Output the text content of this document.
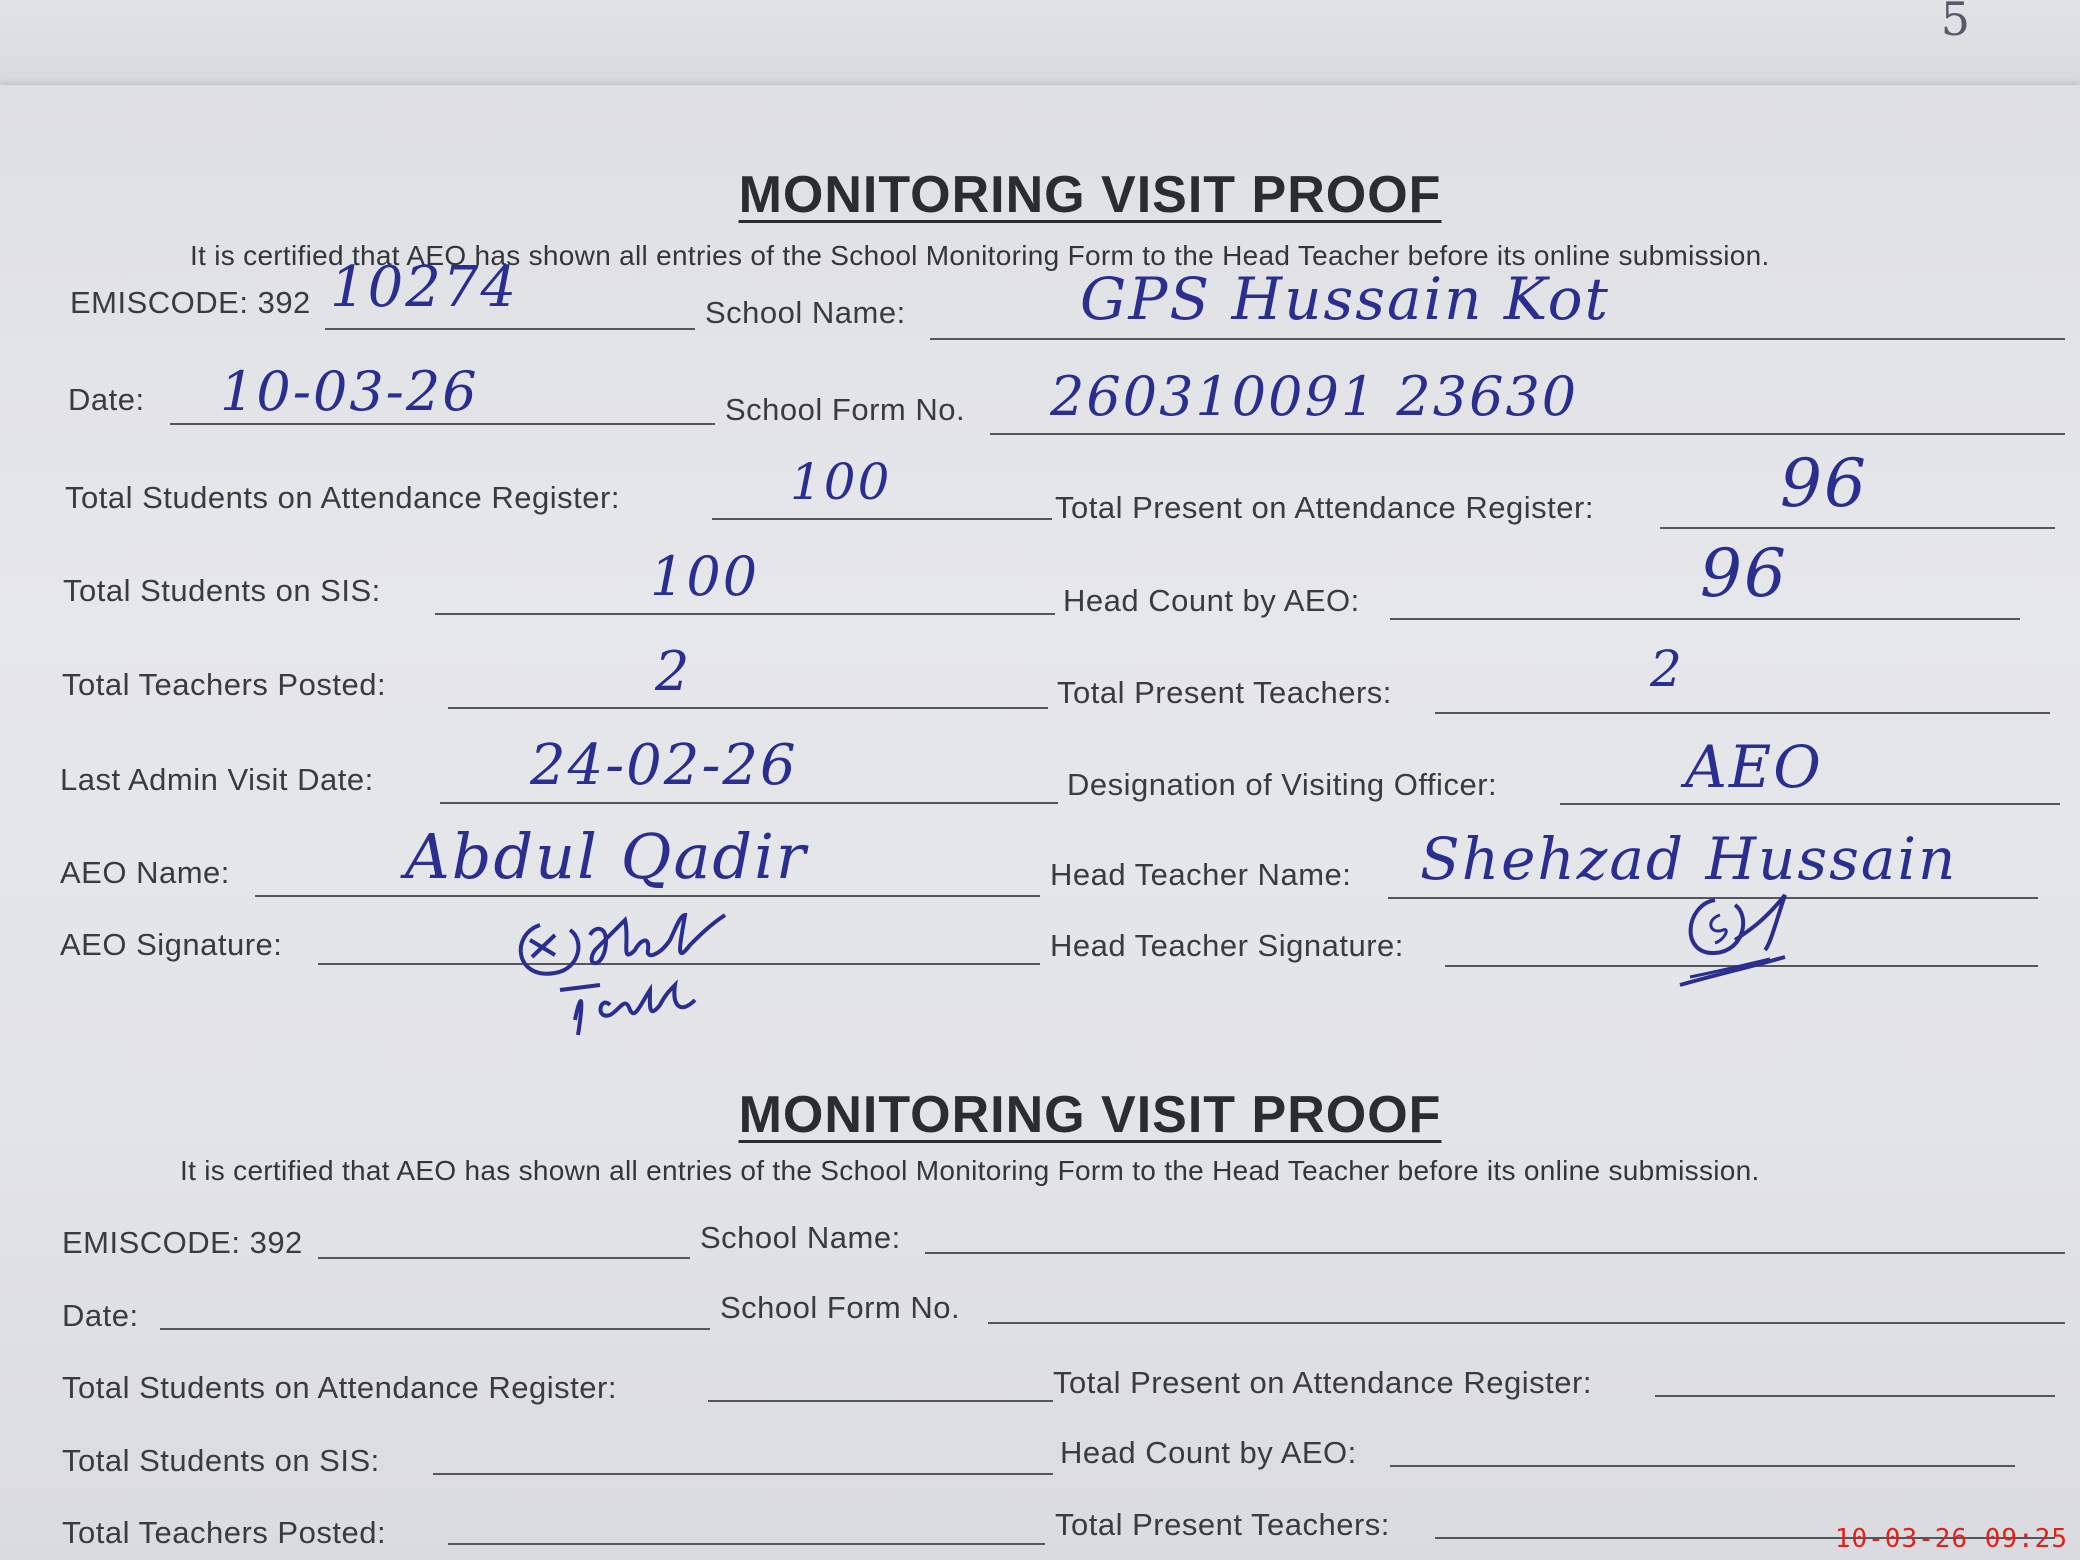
5
MONITORING VISIT PROOF
It is certified that AEO has shown all entries of the School Monitoring Form to the Head Teacher before its online submission.
EMISCODE: 392 10274	School Name:	GPS Hussain Kot
Date: 10-03-26	School Form No. 260310091 23630
Total Students on Attendance Register:	100	Total Present on Attendance Register:	96
Total Students on SIS:	100	Head Count by AEO:	96
Total Teachers Posted:	2	Total Present Teachers:	2
Last Admin Visit Date:	24-02-26	Designation of Visiting Officer:	AEO
AEO Name:	Abdul Qadir	Head Teacher Name: Shehzad Hussain
AEO Signature:	Head Teacher Signature:
MONITORING VISIT PROOF
It is certified that AEO has shown all entries of the School Monitoring Form to the Head Teacher before its online submission.
EMISCODE: 392	School Name:
Date:	School Form No.
Total Students on Attendance Register:	Total Present on Attendance Register:
Total Students on SIS:	Head Count by AEO:
Total Teachers Posted:	Total Present Teachers:	10-03-26 09:25
